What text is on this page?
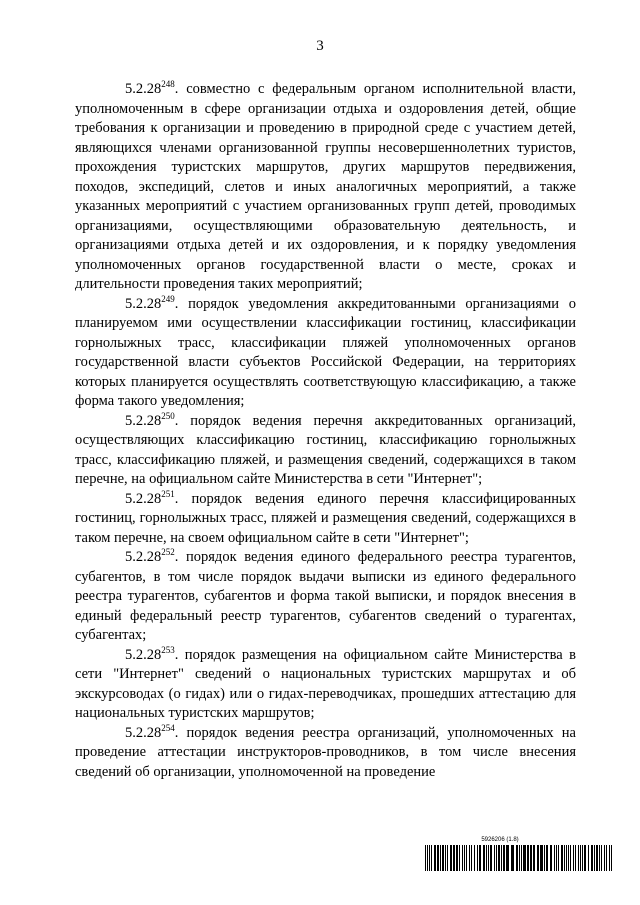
3

5.2.28$^{248}$. совместно с федеральным органом исполнительной власти, уполномоченным в сфере организации отдыха и оздоровления детей, общие требования к организации и проведению в природной среде с участием детей, являющихся членами организованной группы несовершеннолетних туристов, прохождения туристских маршрутов, других маршрутов передвижения, походов, экспедиций, слетов и иных аналогичных мероприятий, а также указанных мероприятий с участием организованных групп детей, проводимых организациями, осуществляющими образовательную деятельность, и организациями отдыха детей и их оздоровления, и к порядку уведомления уполномоченных органов государственной власти о месте, сроках и длительности проведения таких мероприятий;

5.2.28$^{249}$. порядок уведомления аккредитованными организациями о планируемом ими осуществлении классификации гостиниц, классификации горнолыжных трасс, классификации пляжей уполномоченных органов государственной власти субъектов Российской Федерации, на территориях которых планируется осуществлять соответствующую классификацию, а также форма такого уведомления;

5.2.28$^{250}$. порядок ведения перечня аккредитованных организаций, осуществляющих классификацию гостиниц, классификацию горнолыжных трасс, классификацию пляжей, и размещения сведений, содержащихся в таком перечне, на официальном сайте Министерства в сети "Интернет";

5.2.28$^{251}$. порядок ведения единого перечня классифицированных гостиниц, горнолыжных трасс, пляжей и размещения сведений, содержащихся в таком перечне, на своем официальном сайте в сети "Интернет";

5.2.28$^{252}$. порядок ведения единого федерального реестра турагентов, субагентов, в том числе порядок выдачи выписки из единого федерального реестра турагентов, субагентов и форма такой выписки, и порядок внесения в единый федеральный реестр турагентов, субагентов сведений о турагентах, субагентах;

5.2.28$^{253}$. порядок размещения на официальном сайте Министерства в сети "Интернет" сведений о национальных туристских маршрутах и об экскурсоводах (о гидах) или о гидах-переводчиках, прошедших аттестацию для национальных туристских маршрутов;

5.2.28$^{254}$. порядок ведения реестра организаций, уполномоченных на проведение аттестации инструкторов-проводников, в том числе внесения сведений об организации, уполномоченной на проведение

5926206 (1.8)
